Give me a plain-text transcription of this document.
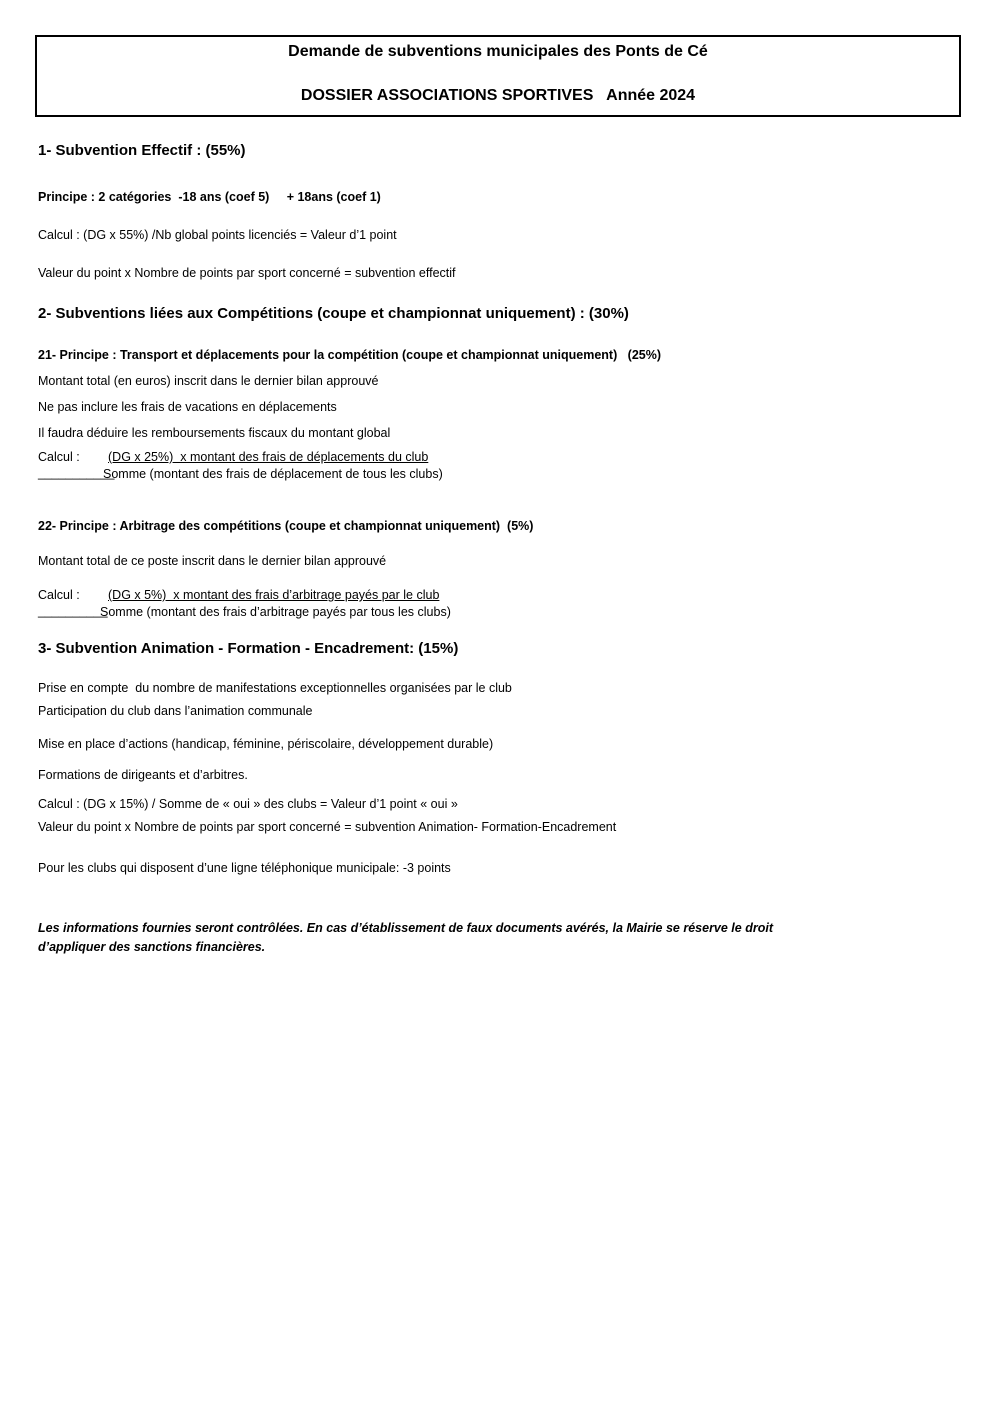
Demande de subventions municipales des Ponts de Cé
DOSSIER ASSOCIATIONS SPORTIVES   Année 2024
1- Subvention Effectif : (55%)
Principe : 2 catégories  -18 ans (coef 5)     + 18ans (coef 1)
Calcul : (DG x 55%) /Nb global points licenciés = Valeur d’1 point
Valeur du point x Nombre de points par sport concerné = subvention effectif
2- Subventions liées aux Compétitions (coupe et championnat uniquement) : (30%)
21- Principe : Transport et déplacements pour la compétition (coupe et championnat uniquement)   (25%)
Montant total (en euros) inscrit dans le dernier bilan approuvé
Ne pas inclure les frais de vacations en déplacements
Il faudra déduire les remboursements fiscaux du montant global
Calcul : (DG x 25%)  x montant des frais de déplacements du club
___________
Somme (montant des frais de déplacement de tous les clubs)
22- Principe : Arbitrage des compétitions (coupe et championnat uniquement)  (5%)
Montant total de ce poste inscrit dans le dernier bilan approuvé
Calcul : (DG x 5%)  x montant des frais d’arbitrage payés par le club
__________
Somme (montant des frais d’arbitrage payés par tous les clubs)
3- Subvention Animation - Formation - Encadrement: (15%)
Prise en compte  du nombre de manifestations exceptionnelles organisées par le club
Participation du club dans l’animation communale
Mise en place d’actions (handicap, féminine, périscolaire, développement durable)
Formations de dirigeants et d’arbitres.
Calcul : (DG x 15%) / Somme de « oui » des clubs = Valeur d’1 point « oui »
Valeur du point x Nombre de points par sport concerné = subvention Animation- Formation-Encadrement
Pour les clubs qui disposent d’une ligne téléphonique municipale: -3 points
Les informations fournies seront contrôlées. En cas d’établissement de faux documents avérés, la Mairie se réserve le droit
d’appliquer des sanctions financières.
